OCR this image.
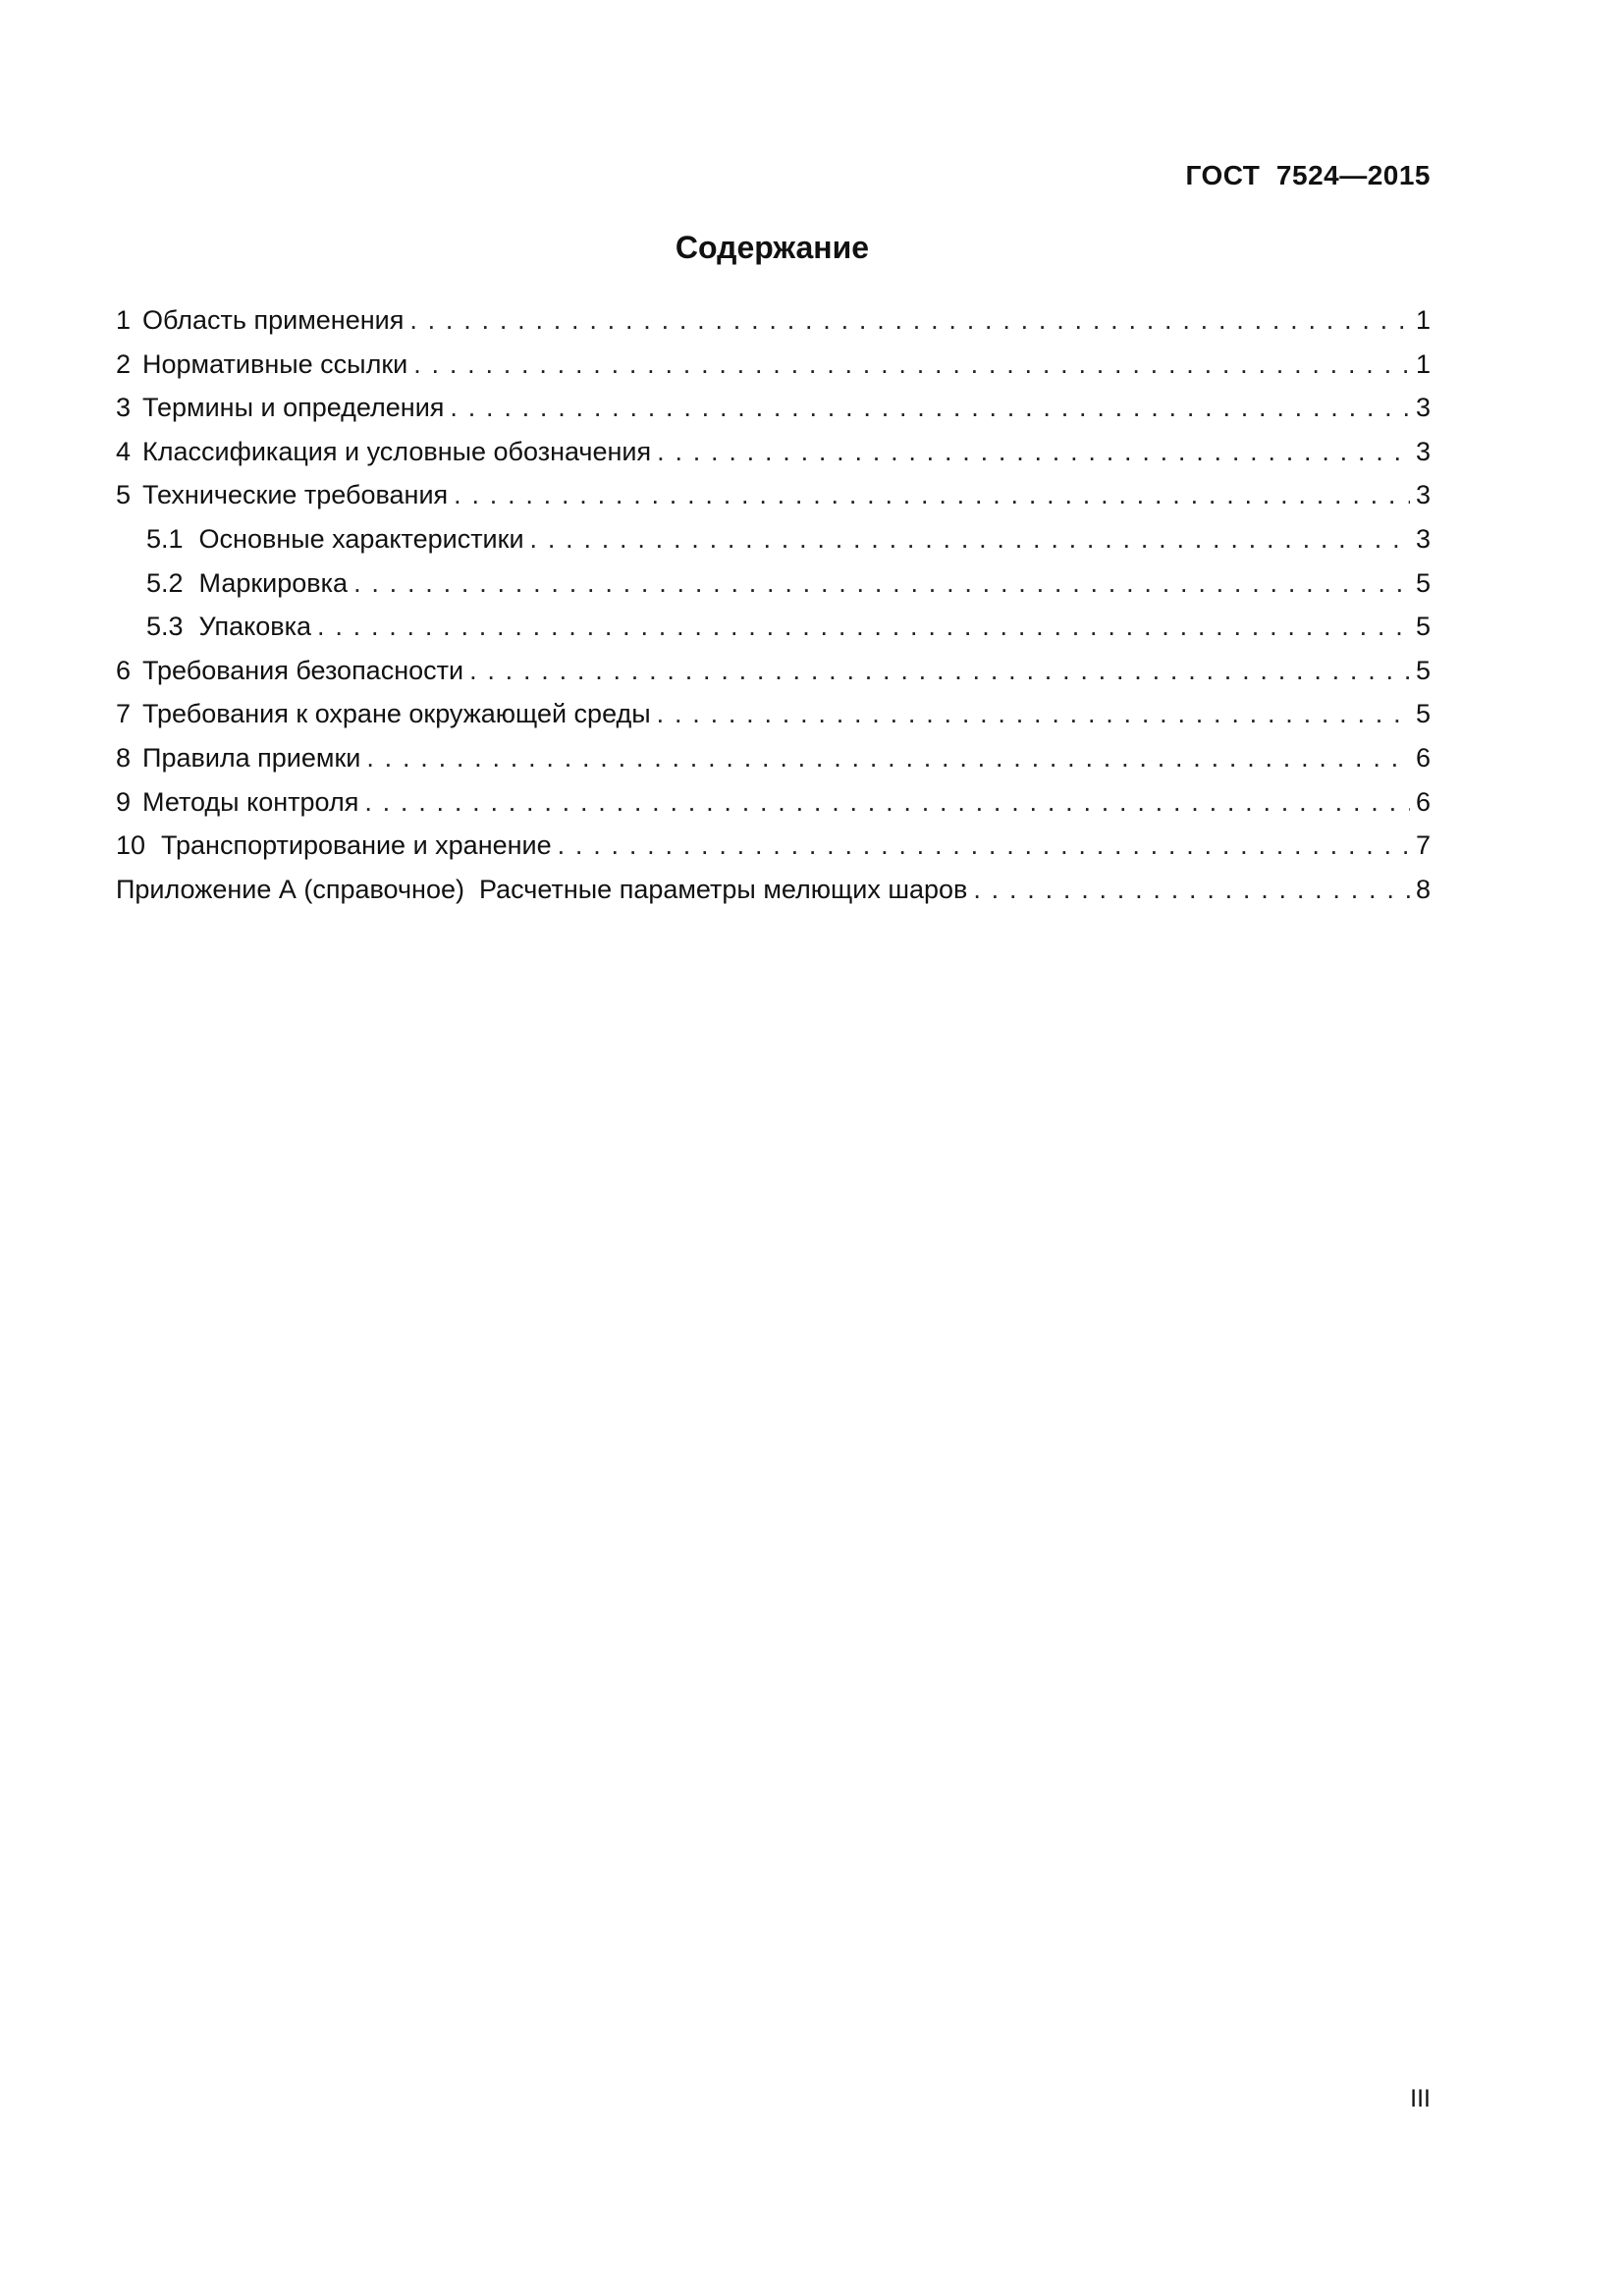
ГОСТ  7524—2015
Содержание
1 Область применения . . .	1
2 Нормативные ссылки . . .	1
3 Термины и определения . . .	3
4 Классификация и условные обозначения . . .	3
5 Технические требования . . .	3
5.1 Основные характеристики . . .	3
5.2 Маркировка . . .	5
5.3 Упаковка . . .	5
6 Требования безопасности . . .	5
7 Требования к охране окружающей среды . . .	5
8 Правила приемки . . .	6
9 Методы контроля . . .	6
10 Транспортирование и хранение . . .	7
Приложение А (справочное)  Расчетные параметры мелющих шаров . . .	8
III
